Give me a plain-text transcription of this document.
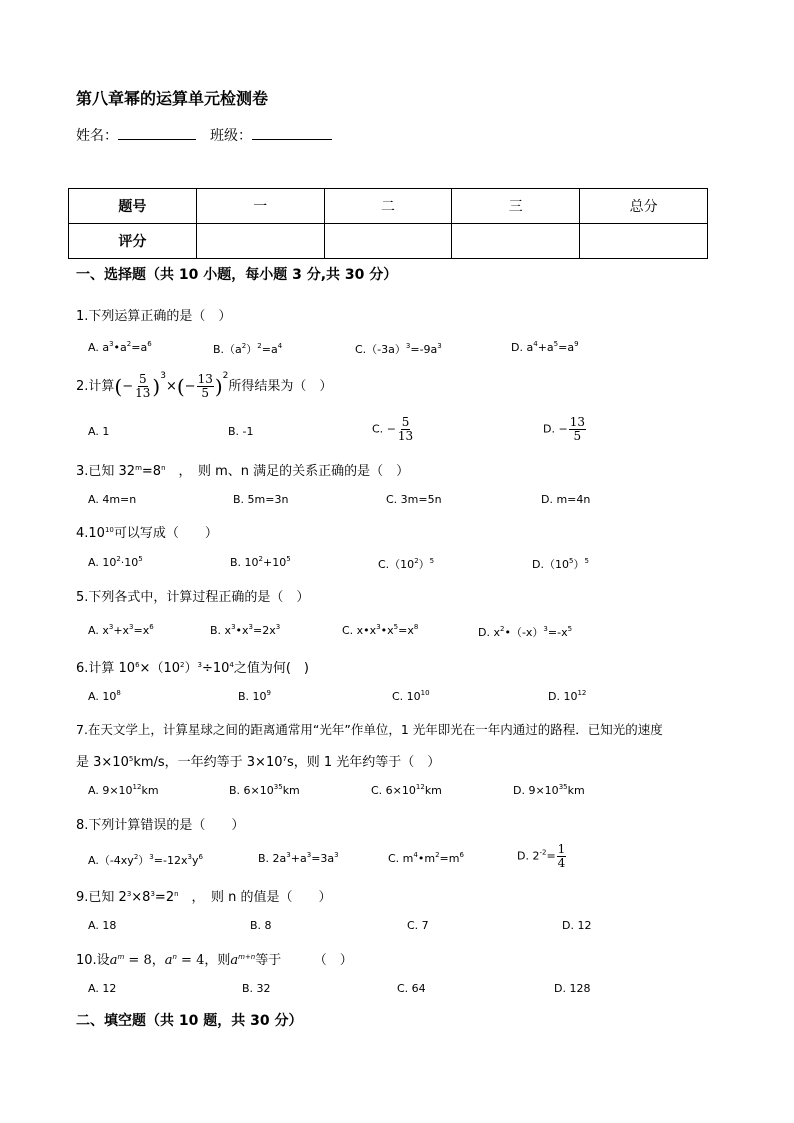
第八章幂的运算单元检测卷
姓名：	班级：
题号	一	二	三	总分
评分				
一、选择题（共 10 小题，每小题 3 分,共 30 分）
1.下列运算正确的是（　）
A. $a^3•a^2=a^6$	$B.(a^2)^2=a^4$	$C.(-3a)^3=-9a^3$	D. $a^4+a^5=a^9$
2.计算(− $\frac{5}{13} )^3\times(- \frac{13}{5} )^2$所得结果为（　）
A. 1	B. -1	C. − $\frac{5}{13}$	D. − $\frac{13}{5}$
3.已知 $32^m=8^n$　，　则 m、n 满足的关系正确的是（　）
A. 4m=n	B. 5m=3n	C. 3m=5n	D. m=4n
4.10$^{10}$可以写成（　　）
A. $10^2\cdot 10^5$	B. $10^2+10^5$	$C.(10^2)^5$	$D.(10^5)^5$
5.下列各式中，计算过程正确的是（　）
A. $x^3+x^3=x^6$	B. $x^3•x^3=2x^3$	C. $x•x^3•x^5=x^8$	D. $x^2•(-x)^3=-x^5$
6.计算 $10^6\times(10^2)^3\div 10^4$之值为何(　)
A. $10^8$	B. $10^9$	C. $10^{10}$	D. $10^{12}$
7.在天文学上，计算星球之间的距离通常用“光年”作单位，1 光年即光在一年内通过的路程．已知光的速度
是 $3\times 10^5km/s$，一年约等于 $3\times 10^7s$，则 1 光年约等于（　）
A. $9\times 10^{12}km$	B. $6\times 10^{35}km$	C. $6\times 10^{12}km$	D. $9\times 10^{35}km$
8.下列计算错误的是（　　）
$A.(-4xy^2)^3=-12x^3y^6$	B. $2a^3+a^3=3a^3$	C. $m^4•m^2=m^6$	D. $2^{-2}= \frac{1}{4}$
9.已知 $2^3\times 8^3=2^n$　，　则 n 的值是（　　）
A. 18	B. 8	C. 7	D. 12
10.设$a^m = 8$，$a^n = 4$，则$a^{m+n}$等于　　　（　）
A. 12	B. 32	C. 64	D. 128
二、填空题（共 10 题，共 30 分）
